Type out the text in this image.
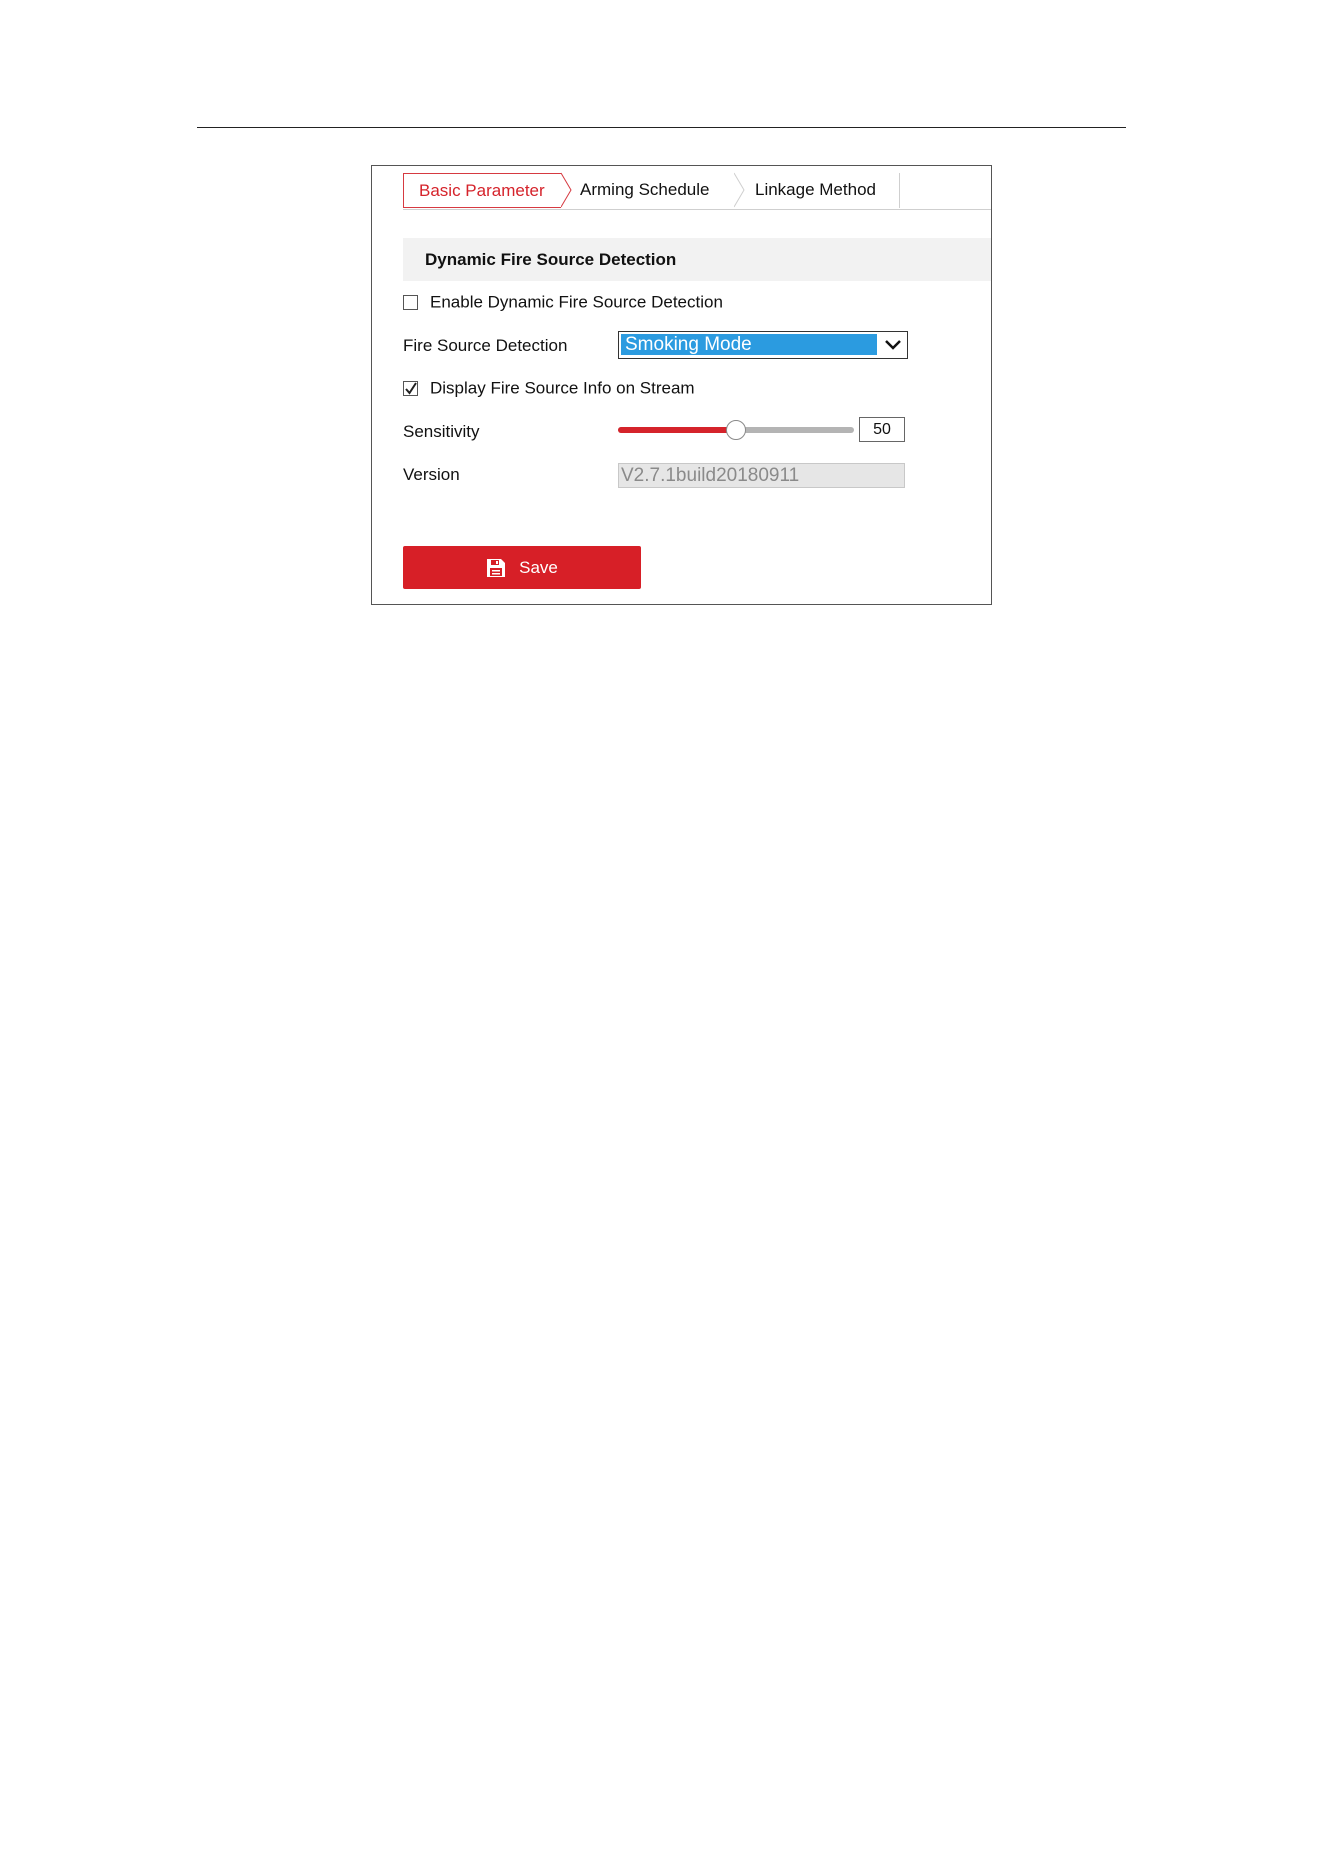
Basic Parameter	Arming Schedule	Linkage Method
Dynamic Fire Source Detection
Enable Dynamic Fire Source Detection
Fire Source Detection	Smoking Mode
Display Fire Source Info on Stream
Sensitivity	50
Version	V2.7.1build20180911
Save
